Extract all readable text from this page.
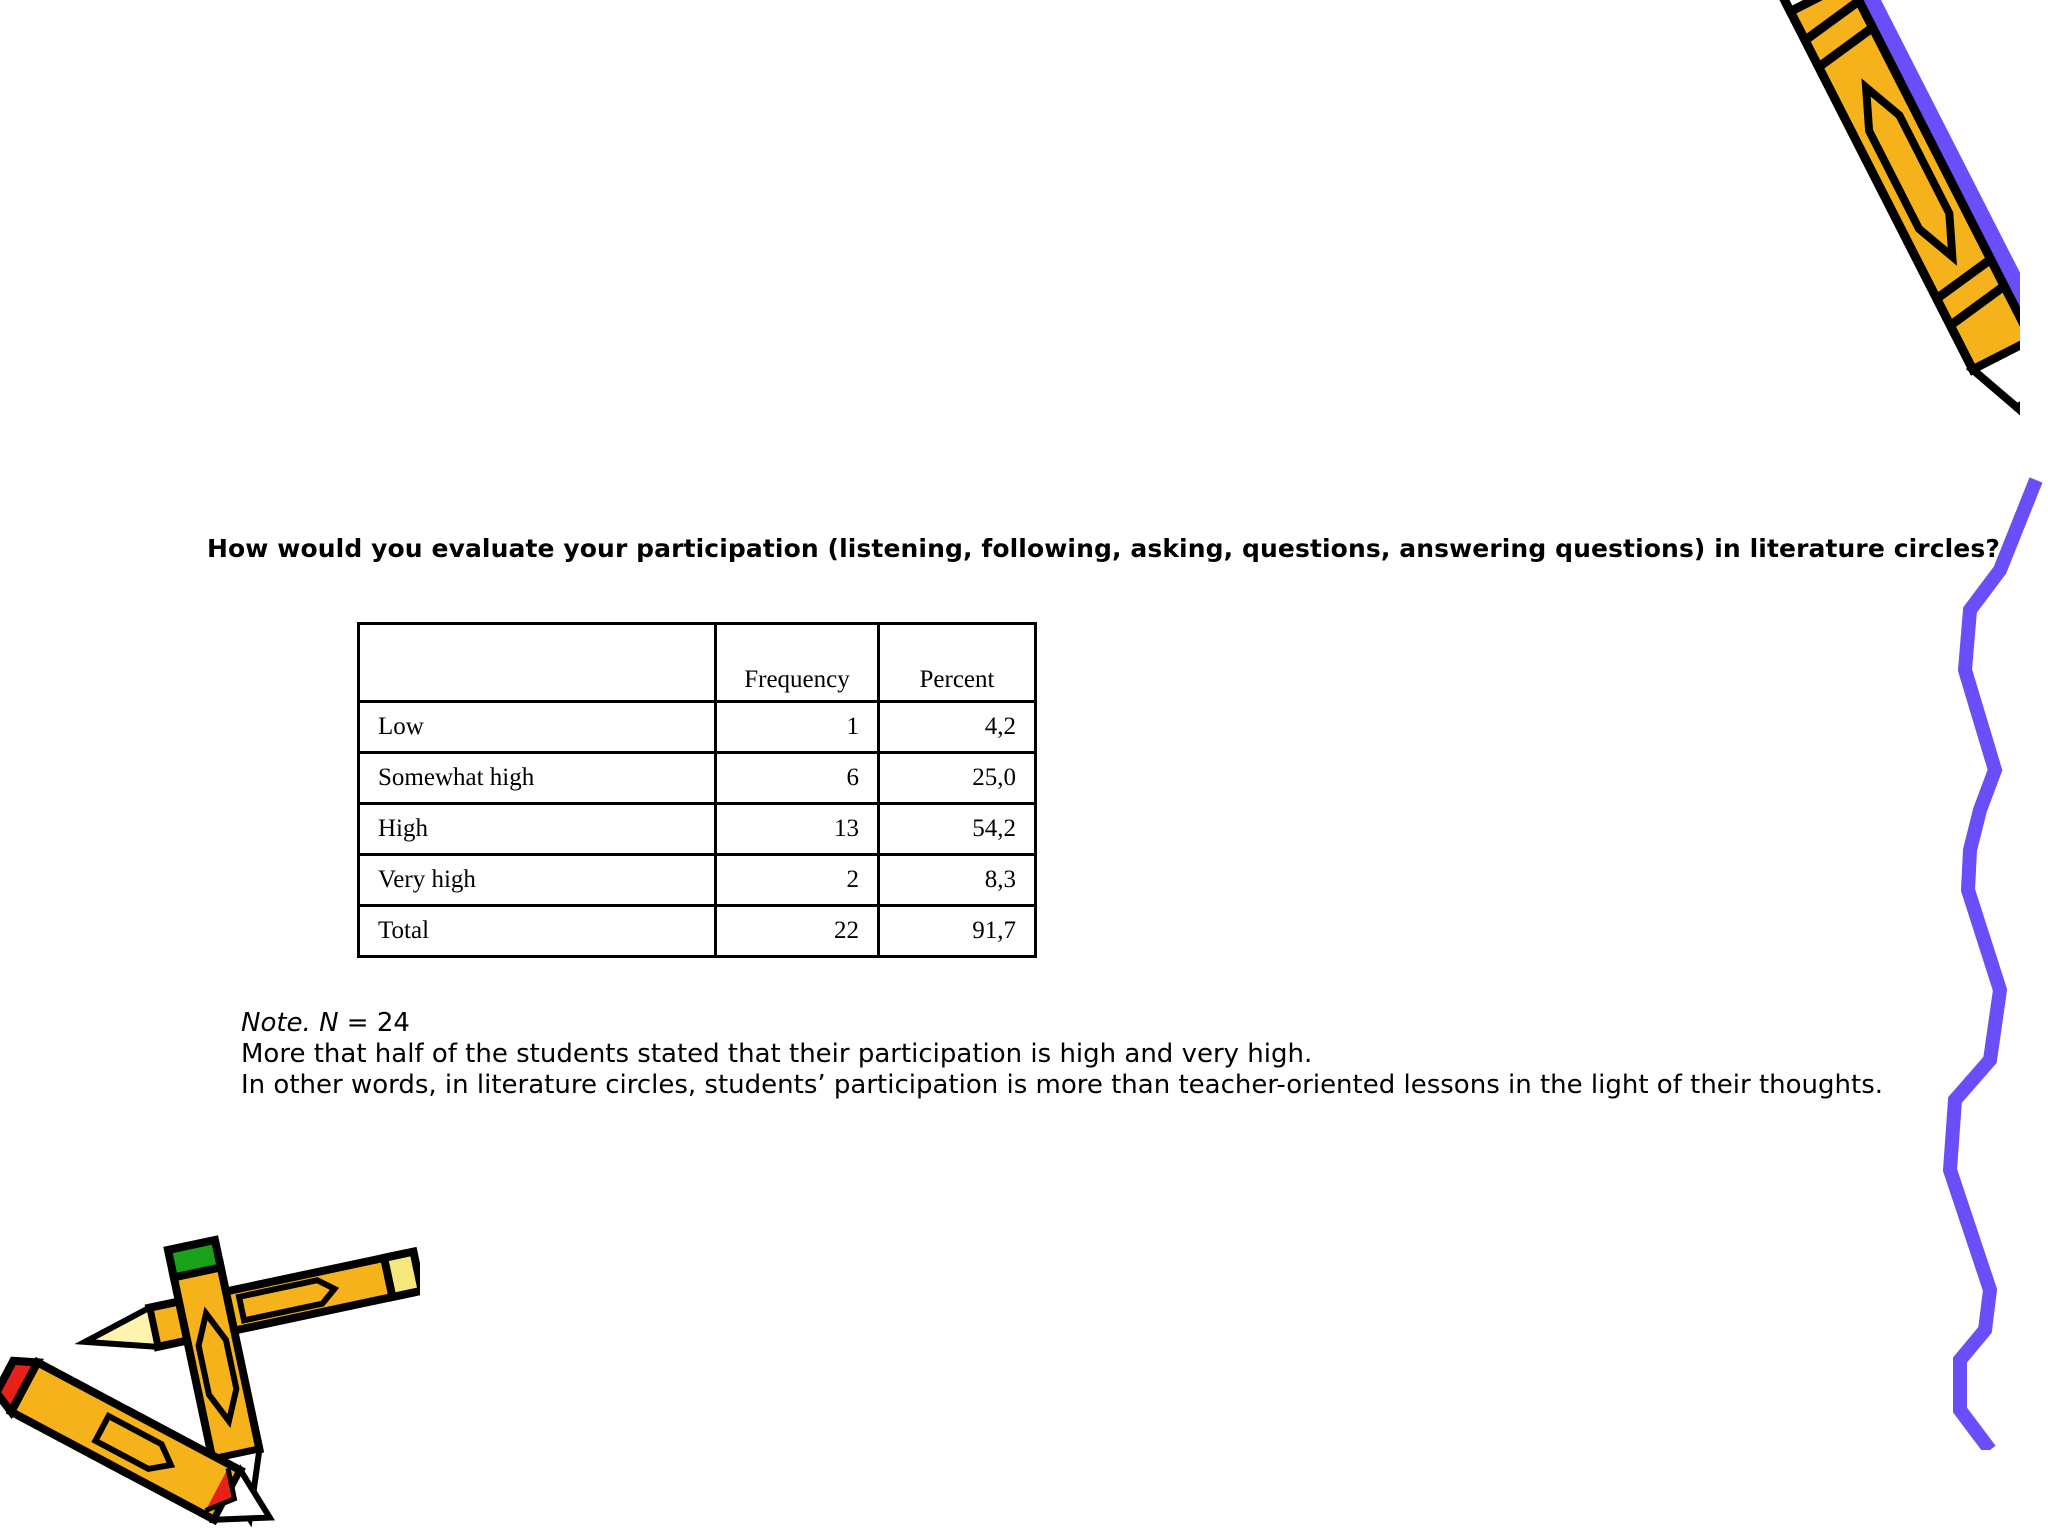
How would you evaluate your participation (listening, following, asking, questions, answering questions) in literature circles?
	Frequency	Percent
Low	1	4,2
Somewhat high	6	25,0
High	13	54,2
Very high	2	8,3
Total	22	91,7
Note. N = 24
More that half of the students stated that their participation is high and very high.
In other words, in literature circles, students’ participation is more than teacher-oriented lessons in the light of their thoughts.
